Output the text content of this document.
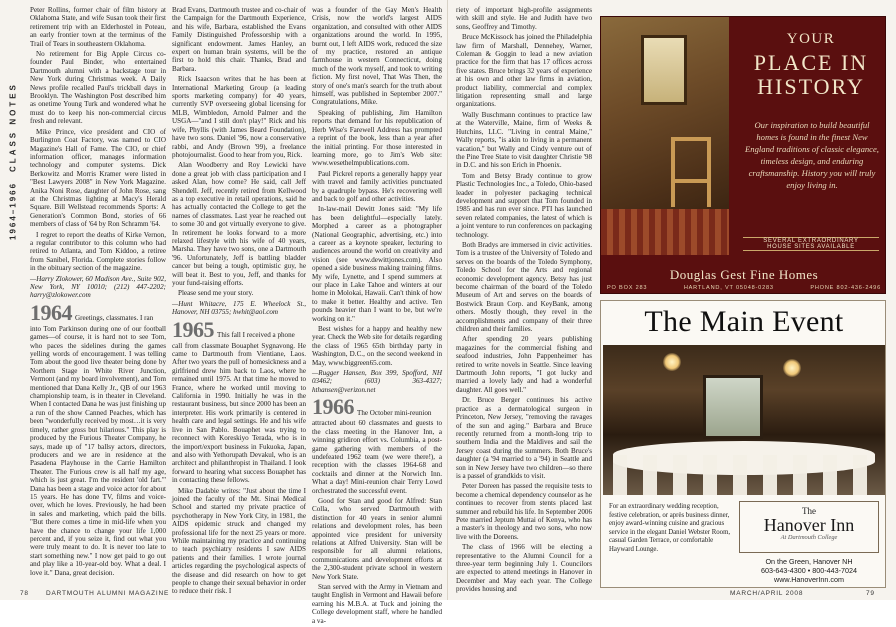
1964–1966
CLASS NOTES

Peter Rollins, former chair of film history at Oklahoma State, and wife Susan took their first retirement trip with an Elderhostel in Poteau, an early frontier town at the terminus of the Trail of Tears in southeastern Oklahoma.

No retirement for Big Apple Circus co-founder Paul Binder, who entertained Dartmouth alumni with a backstage tour in New York during Christmas week. A Daily News profile recalled Paul's trickball days in Brooklyn. The Washington Post described him as onetime Young Turk and wondered what he must do to keep his non-commercial circus fresh and relevant.

Mike Prince, vice president and CIO of Burlington Coat Factory, was named to CIO Magazine's Hall of Fame. The CIO, or chief information officer, manages information technology and computer systems. Dick Berkowitz and Morris Kramer were listed in "Best Lawyers 2008" in New York Magazine. Anika Noni Rose, daughter of John Rose, sang at the Christmas lighting at Macy's Herald Square. Bill Wellstead recommends Sports: A Generation's Common Bond, stories of 66 members of class of '64 by Ron Schramm '64.

I regret to report the deaths of Kirke Vernon, a regular contributor to this column who had retired to Atlanta, and Tom Kiddoo, a retiree from Sanibel, Florida. Complete stories follow in the obituary section of the magazine.

—Harry Zlokower, 60 Madison Ave., Suite 902, New York, NY 10010; (212) 447-2202; harry@zlokower.com

1964 Greetings, classmates. I ran

into Tom Parkinson during one of our football games—of course, it is hard not to see Tom, who paces the sidelines during the games yelling words of encouragement. I was telling Tom about the good live theater being done by Northern Stage in White River Junction, Vermont (and my board involvement), and Tom mentioned that Dana Kelly Jr., QB of our 1963 championship team, is in theater in Cleveland. When I contacted Dana he was just finishing up a run of the show Canned Peaches, which has been "wonderfully received by most…it is very timely, rather gross but hilarious." This play is produced by the Furious Theater Company, he says, made up of "17 ballsy actors, directors, producers and we are in residence at the Pasadena Playhouse in the Carrie Hamilton Theater. The Furious crew is all half my age, which is just great. I'm the resident 'old fart.'" Dana has been a stage and voice actor for about 15 years. He has done TV, films and voice-over, which he loves. Previously, he had been in sales and marketing, which paid the bills. "But there comes a time in mid-life when you have the chance to change your life 1,000 percent and, if you seize it, find out what you were truly meant to do. It is never too late to start something new." I now get paid to go out and play like a 10-year-old boy. What a deal. I love it." Dana, great decision.

Brad Evans, Dartmouth trustee and co-chair of the Campaign for the Dartmouth Experience, and his wife, Barbara, established the Evans Family Distinguished Professorship with a significant endowment. James Hanley, an expert on human brain systems, will be the first to hold this chair. Thanks, Brad and Barbara.

Rick Isaacson writes that he has been at International Marketing Group (a leading sports marketing company) for 40 years, currently SVP overseeing global licensing for MLB, Wimbledon, Arnold Palmer and the USGA—"and I still don't play!" Rick and his wife, Phyllis (with James Beard Foundation), have two sons. Daniel '96, now a conservative rabbi, and Andy (Brown '99), a freelance photojournalist. Good to hear from you, Rick.

Alan Woodberry and Roy Lewicki have done a great job with class participation and I asked Alan, how come? He said, call Jeff Shendell. Jeff, recently retired from Kellwood as a top executive in retail operations, said he has actually contacted the College to get the names of classmates. Last year he reached out to some 30 and got virtually everyone to give. In retirement he looks forward to a more relaxed lifestyle with his wife of 40 years, Marsha. They have two sons, one a Dartmouth '96. Unfortunately, Jeff is battling bladder cancer but being a tough, optimistic guy, he will beat it. Best to you, Jeff, and thanks for your fund-raising efforts.

Please send me your story.

—Hunt Whitacre, 175 E. Wheelock St., Hanover, NH 03755; hwhit@aol.com

1965 This fall I received a phone

call from classmate Bouaphet Sygnavong. He came to Dartmouth from Vientiane, Laos. After two years the pull of homesickness and a girlfriend drew him back to Laos, where he remained until 1975. At that time he moved to France, where he worked until moving to California in 1990. Initially he was in the restaurant business, but since 2000 has been an interpreter. His work primarily is centered in health care and legal settings. He and his wife live in San Pablo. Bouaphet was trying to reconnect with Koreskiyo Terada, who is in the import/export business in Fukuoka, Japan, and also with Yethorupath Devakul, who is an architect and philanthropist in Thailand. I look forward to hearing what success Bouaphet has in contacting these fellows.

Mike Dadabie writes: "Just about the time I joined the faculty of the Mt. Sinai Medical School and started my private practice of psychotherapy in New York City, in 1981, the AIDS epidemic struck and changed my professional life for the next 25 years or more. While maintaining my practice and continuing to teach psychiatry residents I saw AIDS patients and their families. I wrote journal articles regarding the psychological aspects of the disease and did research on how to get people to change their sexual behavior in order to reduce their risk. I

was a founder of the Gay Men's Health Crisis, now the world's largest AIDS organization, and consulted with other AIDS organizations around the world. In 1995, burnt out, I left AIDS work, reduced the size of my practice, restored an antique farmhouse in western Connecticut, doing much of the work myself, and took to writing fiction. My first novel, That Was Then, the story of one's man's search for the truth about himself, was published in September 2007." Congratulations, Mike.

Speaking of publishing, Jim Hamilton reports that demand for his republication of Herb Wise's Farewell Address has prompted a reprint of the book, less than a year after the initial printing. For those interested in learning more, go to Jim's Web site: www.wesethelmpublications.com.

Paul Pickrel reports a generally happy year with travel and family activities punctuated by a quadruple bypass. He's recovering well and back to golf and other activities.

In-law-mail Dewitt Jones said: "My life has been delightful—especially lately. Morphed a career as a photographer (National Geographic, advertising, etc.) into a career as a keynote speaker, lecturing to audiences around the world on creativity and vision (see www.dewittjones.com). Also opened a side business making training films. My wife, Lynette, and I spend summers at our place in Lake Tahoe and winters at our home in Molokai, Hawaii. Can't think of how to make it better. Healthy and active. Ten pounds heavier than I want to be, but we're working on it."

Best wishes for a happy and healthy new year. Check the Web site for details regarding the class of 1965 65th birthday party in Washington, D.C., on the second weekend in May, www.biggreen65.com.

—Rugger Hansen, Box 399, Spofford, NH 03462; (603) 363-4327; hthansen@verizon.net

1966 The October mini-reunion

attracted about 60 classmates and guests to the class meeting in the Hanover Inn, a winning gridiron effort vs. Columbia, a post-game gathering with members of the undefeated 1962 team (we were there!), a reception with the classes 1964-68 and cocktails and dinner at the Norwich Inn. What a day! Mini-reunion chair Terry Lowd orchestrated the successful event.

Good for Stan and good for Alfred: Stan Colla, who served Dartmouth with distinction for 40 years in senior alumni relations and development roles, has been appointed vice president for university relations at Alfred University. Stan will be responsible for all alumni relations, communications and development efforts at the 2,300-student private school in western New York State.

Stan served with the Army in Vietnam and taught English in Vermont and Hawaii before earning his M.B.A. at Tuck and joining the College development staff, where he handled a va-

78	DARTMOUTH ALUMNI MAGAZINE

riety of important high-profile assignments with skill and style. He and Judith have two sons, Geoffrey and Timothy.

Bruce McKissock has joined the Philadelphia law firm of Marshall, Dennehey, Warner, Coleman & Goggin to lead a new aviation practice for the firm that has 17 offices across five states. Bruce brings 32 years of experience at his own and other law firms in aviation, product liability, commercial and complex litigation representing small and large organizations.

Wally Buschmann continues to practice law at the Waterville, Maine, firm of Weeks & Hutchins, LLC. "Living in central Maine," Wally reports, "is akin to living in a permanent vacation," but Wally and Cindy venture out of the Pine Tree State to visit daughter Christie '98 in D.C. and his son Erich in Phoenix.

Tom and Betsy Brady continue to grow Plastic Technologies Inc., a Toledo, Ohio-based leader in polyester packaging technical development and support that Tom founded in 1985 and has run ever since. PTI has launched seven related companies, the latest of which is a joint venture to run conferences on packaging technology.

Both Bradys are immersed in civic activities. Tom is a trustee of the University of Toledo and serves on the boards of the Toledo Symphony, Toledo School for the Arts and regional economic development agency. Betsy has just become chairman of the board of the Toledo Museum of Art and serves on the boards of Bostwick Braun Corp. and KeyBank, among others. Mostly though, they revel in the accomplishments and company of their three children and their families.

After spending 20 years publishing magazines for the commercial fishing and seafood industries, John Pappenheimer has retired to write novels in Seattle. Since leaving Dartmouth John reports, "I got lucky and married a lovely lady and had a wonderful daughter. All goes well."

Dr. Bruce Berger continues his active practice as a dermatological surgeon in Princeton, New Jersey, "removing the ravages of the sun and aging." Barbara and Bruce recently returned from a month-long trip to southern India and the Maldives and sail the Jersey coast during the summers. Both Bruce's daughter (a '94 married to a '94) in Seattle and son in New Jersey have two children—so there is a passel of grandkids to visit.

Peter Doreen has passed the requisite tests to become a chemical dependency counselor as he continues to recover from stents placed last summer and rebuild his life. In September 2006 Pete married Jeptum Muttai of Kenya, who has a master's in theology and two sons, who now live with the Doreens.

The class of 1966 will be electing a representative to the Alumni Council for a three-year term beginning July 1. Councilors are expected to attend meetings in Hanover in December and May each year. The College provides housing and

YOUR
PLACE IN HISTORY
Our inspiration to build beautiful homes is found in the finest New England traditions of classic elegance, timeless design, and enduring craftsmanship. History you will truly enjoy living in.
SEVERAL EXTRAORDINARY
HOUSE SITES AVAILABLE
Douglas Gest Fine Homes
PO BOX 283	HARTLAND, VT 05048-0283	PHONE 802-436-2496
The Main Event
For an extraordinary wedding reception, festive celebration, or après business dinner, enjoy award-winning cuisine and gracious service in the elegant Daniel Webster Room, casual Garden Terrace, or comfortable Hayward Lounge.
The
Hanover Inn
At Dartmouth College
On the Green, Hanover NH
603-643-4300 • 800-443-7024
www.HanoverInn.com
MARCH/APRIL 2008	79
